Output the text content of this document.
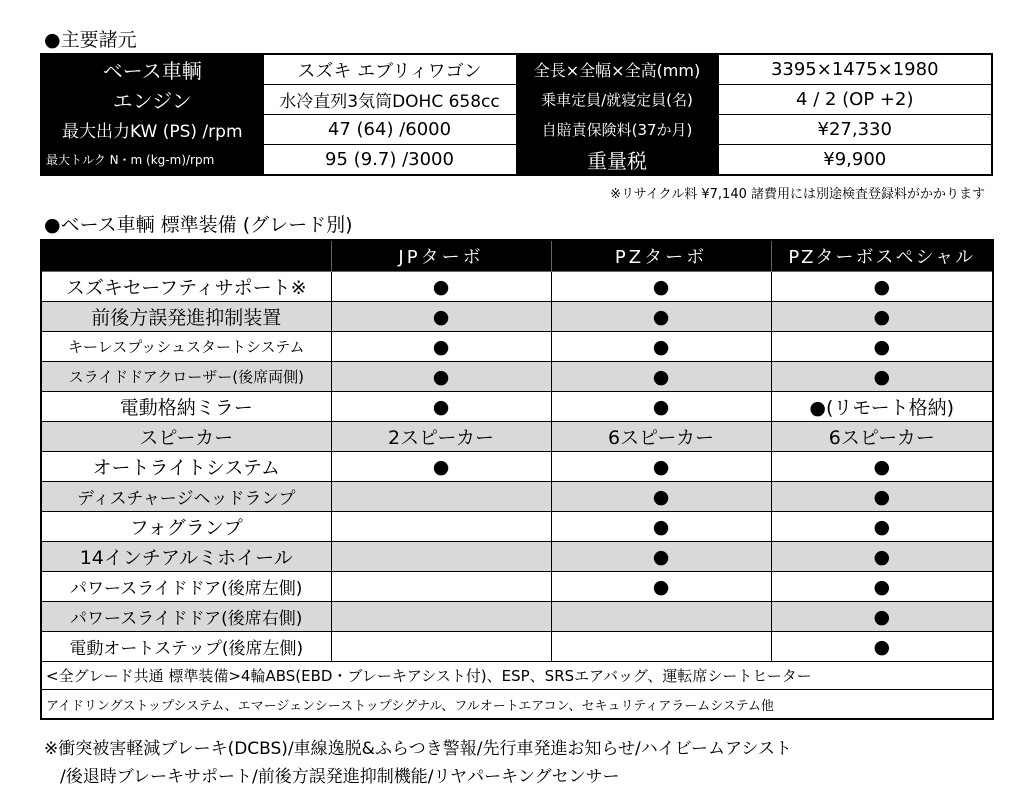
●主要諸元
ベース車輌	スズキ エブリィワゴン	全長×全幅×全高(mm)	3395×1475×1980
エンジン	水冷直列3気筒DOHC 658cc	乗車定員/就寝定員(名)	4 / 2 (OP +2)
最大出力KW (PS) /rpm	47 (64) /6000	自賠責保険料(37か月)	¥27,330
最大トルク N・m (kg-m)/rpm	95 (9.7) /3000	重量税	¥9,900
※リサイクル料 ¥7,140 諸費用には別途検査登録料がかかります
●ベース車輌 標準装備 (グレード別)
	JPターボ	PZターボ	PZターボスペシャル
スズキセーフティサポート※	●	●	●
前後方誤発進抑制装置	●	●	●
キーレスプッシュスタートシステム	●	●	●
スライドドアクローザー(後席両側)	●	●	●
電動格納ミラー	●	●	●(リモート格納)
スピーカー	2スピーカー	6スピーカー	6スピーカー
オートライトシステム	●	●	●
ディスチャージヘッドランプ		●	●
フォグランプ		●	●
14インチアルミホイール		●	●
パワースライドドア(後席左側)		●	●
パワースライドドア(後席右側)			●
電動オートステップ(後席左側)			●
<全グレード共通 標準装備>4輪ABS(EBD・ブレーキアシスト付)、ESP、SRSエアバッグ、運転席シートヒーター			
アイドリングストップシステム、エマージェンシーストップシグナル、フルオートエアコン、セキュリティアラームシステム他			
※衝突被害軽減ブレーキ(DCBS)/車線逸脱&ふらつき警報/先行車発進お知らせ/ハイビームアシスト
/後退時ブレーキサポート/前後方誤発進抑制機能/リヤパーキングセンサー
